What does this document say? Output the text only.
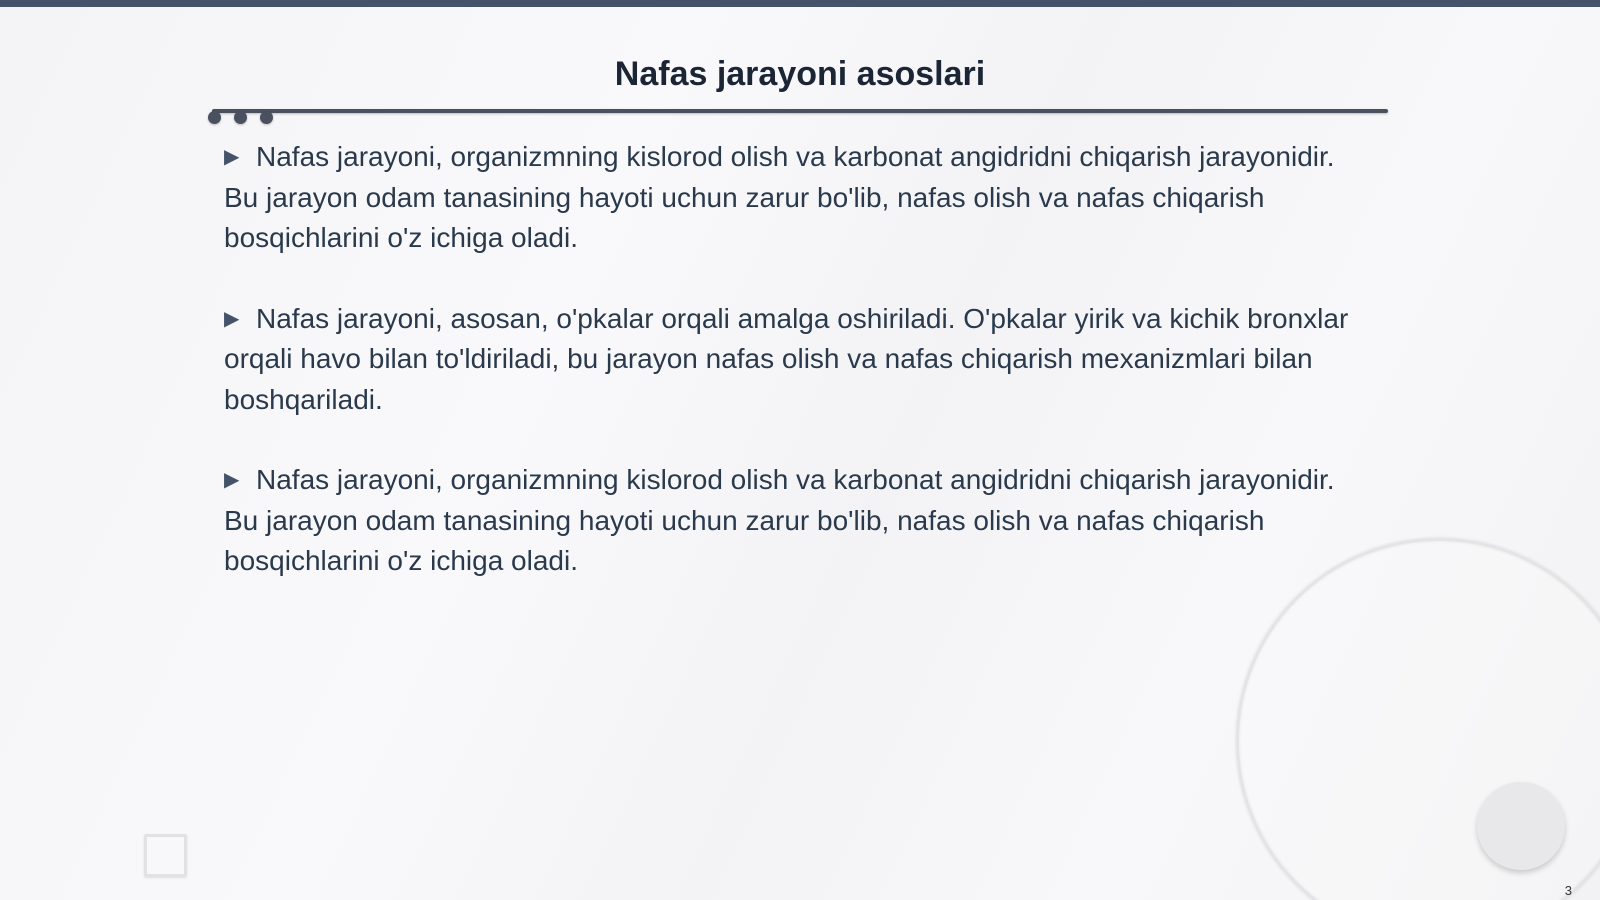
Nafas jarayoni asoslari

▶ Nafas jarayoni, organizmning kislorod olish va karbonat angidridni chiqarish jarayonidir. Bu jarayon odam tanasining hayoti uchun zarur bo'lib, nafas olish va nafas chiqarish bosqichlarini o'z ichiga oladi.

▶ Nafas jarayoni, asosan, o'pkalar orqali amalga oshiriladi. O'pkalar yirik va kichik bronxlar orqali havo bilan to'ldiriladi, bu jarayon nafas olish va nafas chiqarish mexanizmlari bilan boshqariladi.

▶ Nafas jarayoni, organizmning kislorod olish va karbonat angidridni chiqarish jarayonidir. Bu jarayon odam tanasining hayoti uchun zarur bo'lib, nafas olish va nafas chiqarish bosqichlarini o'z ichiga oladi.

3
